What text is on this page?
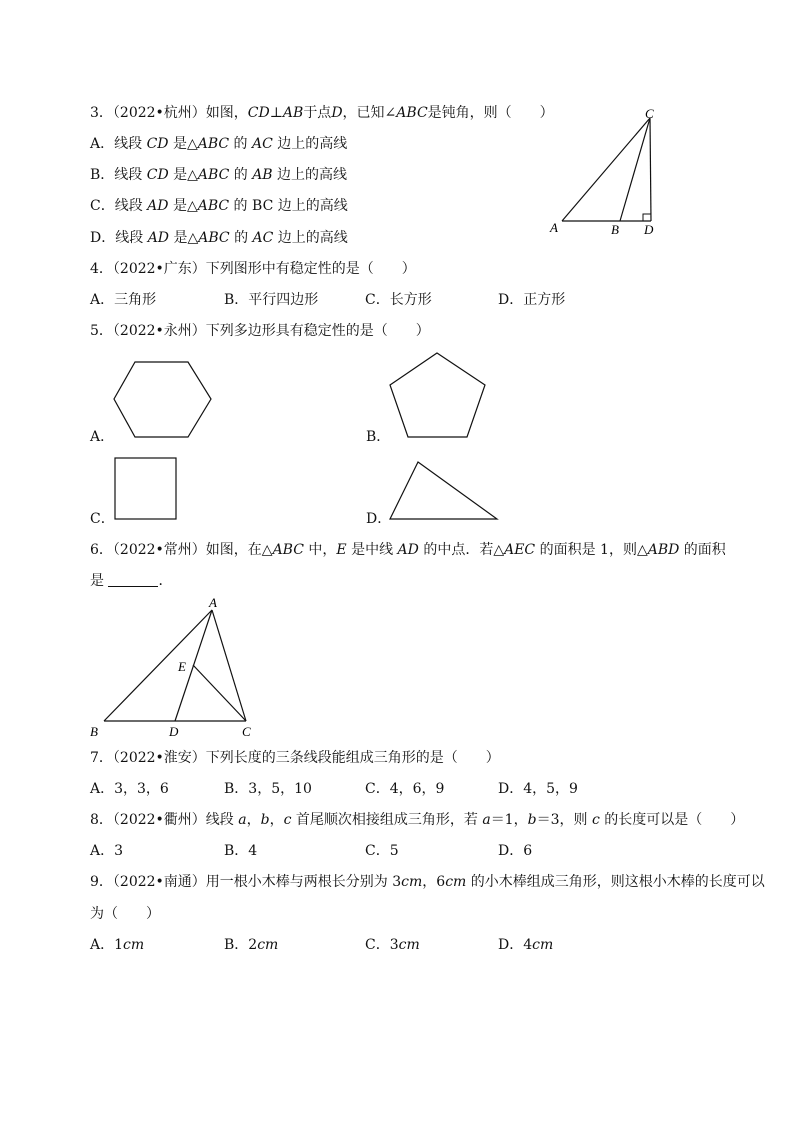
3．（2022•杭州）如图，CD⊥AB于点D，已知∠ABC是钝角，则（　　）
A．线段 CD 是△ABC 的 AC 边上的高线
B．线段 CD 是△ABC 的 AB 边上的高线
C．线段 AD 是△ABC 的 BC 边上的高线
D．线段 AD 是△ABC 的 AC 边上的高线
C
A	B D
4．（2022•广东）下列图形中有稳定性的是（　　）
A．三角形	B．平行四边形	C．长方形	D．正方形
5．（2022•永州）下列多边形具有稳定性的是（　　）
A．	B．
C．	D．
6．（2022•常州）如图，在△ABC 中，E 是中线 AD 的中点．若△AEC 的面积是 1，则△ABD 的面积
是	．
A
E
B	D	C
7．（2022•淮安）下列长度的三条线段能组成三角形的是（　　）
A．3，3，6	B．3，5，10	C．4，6，9	D．4，5，9
8．（2022•衢州）线段 a，b，c 首尾顺次相接组成三角形，若 a＝1，b＝3，则 c 的长度可以是（　　）
A．3	B．4	C．5	D．6
9．（2022•南通）用一根小木棒与两根长分别为 3cm，6cm 的小木棒组成三角形，则这根小木棒的长度可以
为（　　）
A．1cm	B．2cm	C．3cm	D．4cm
